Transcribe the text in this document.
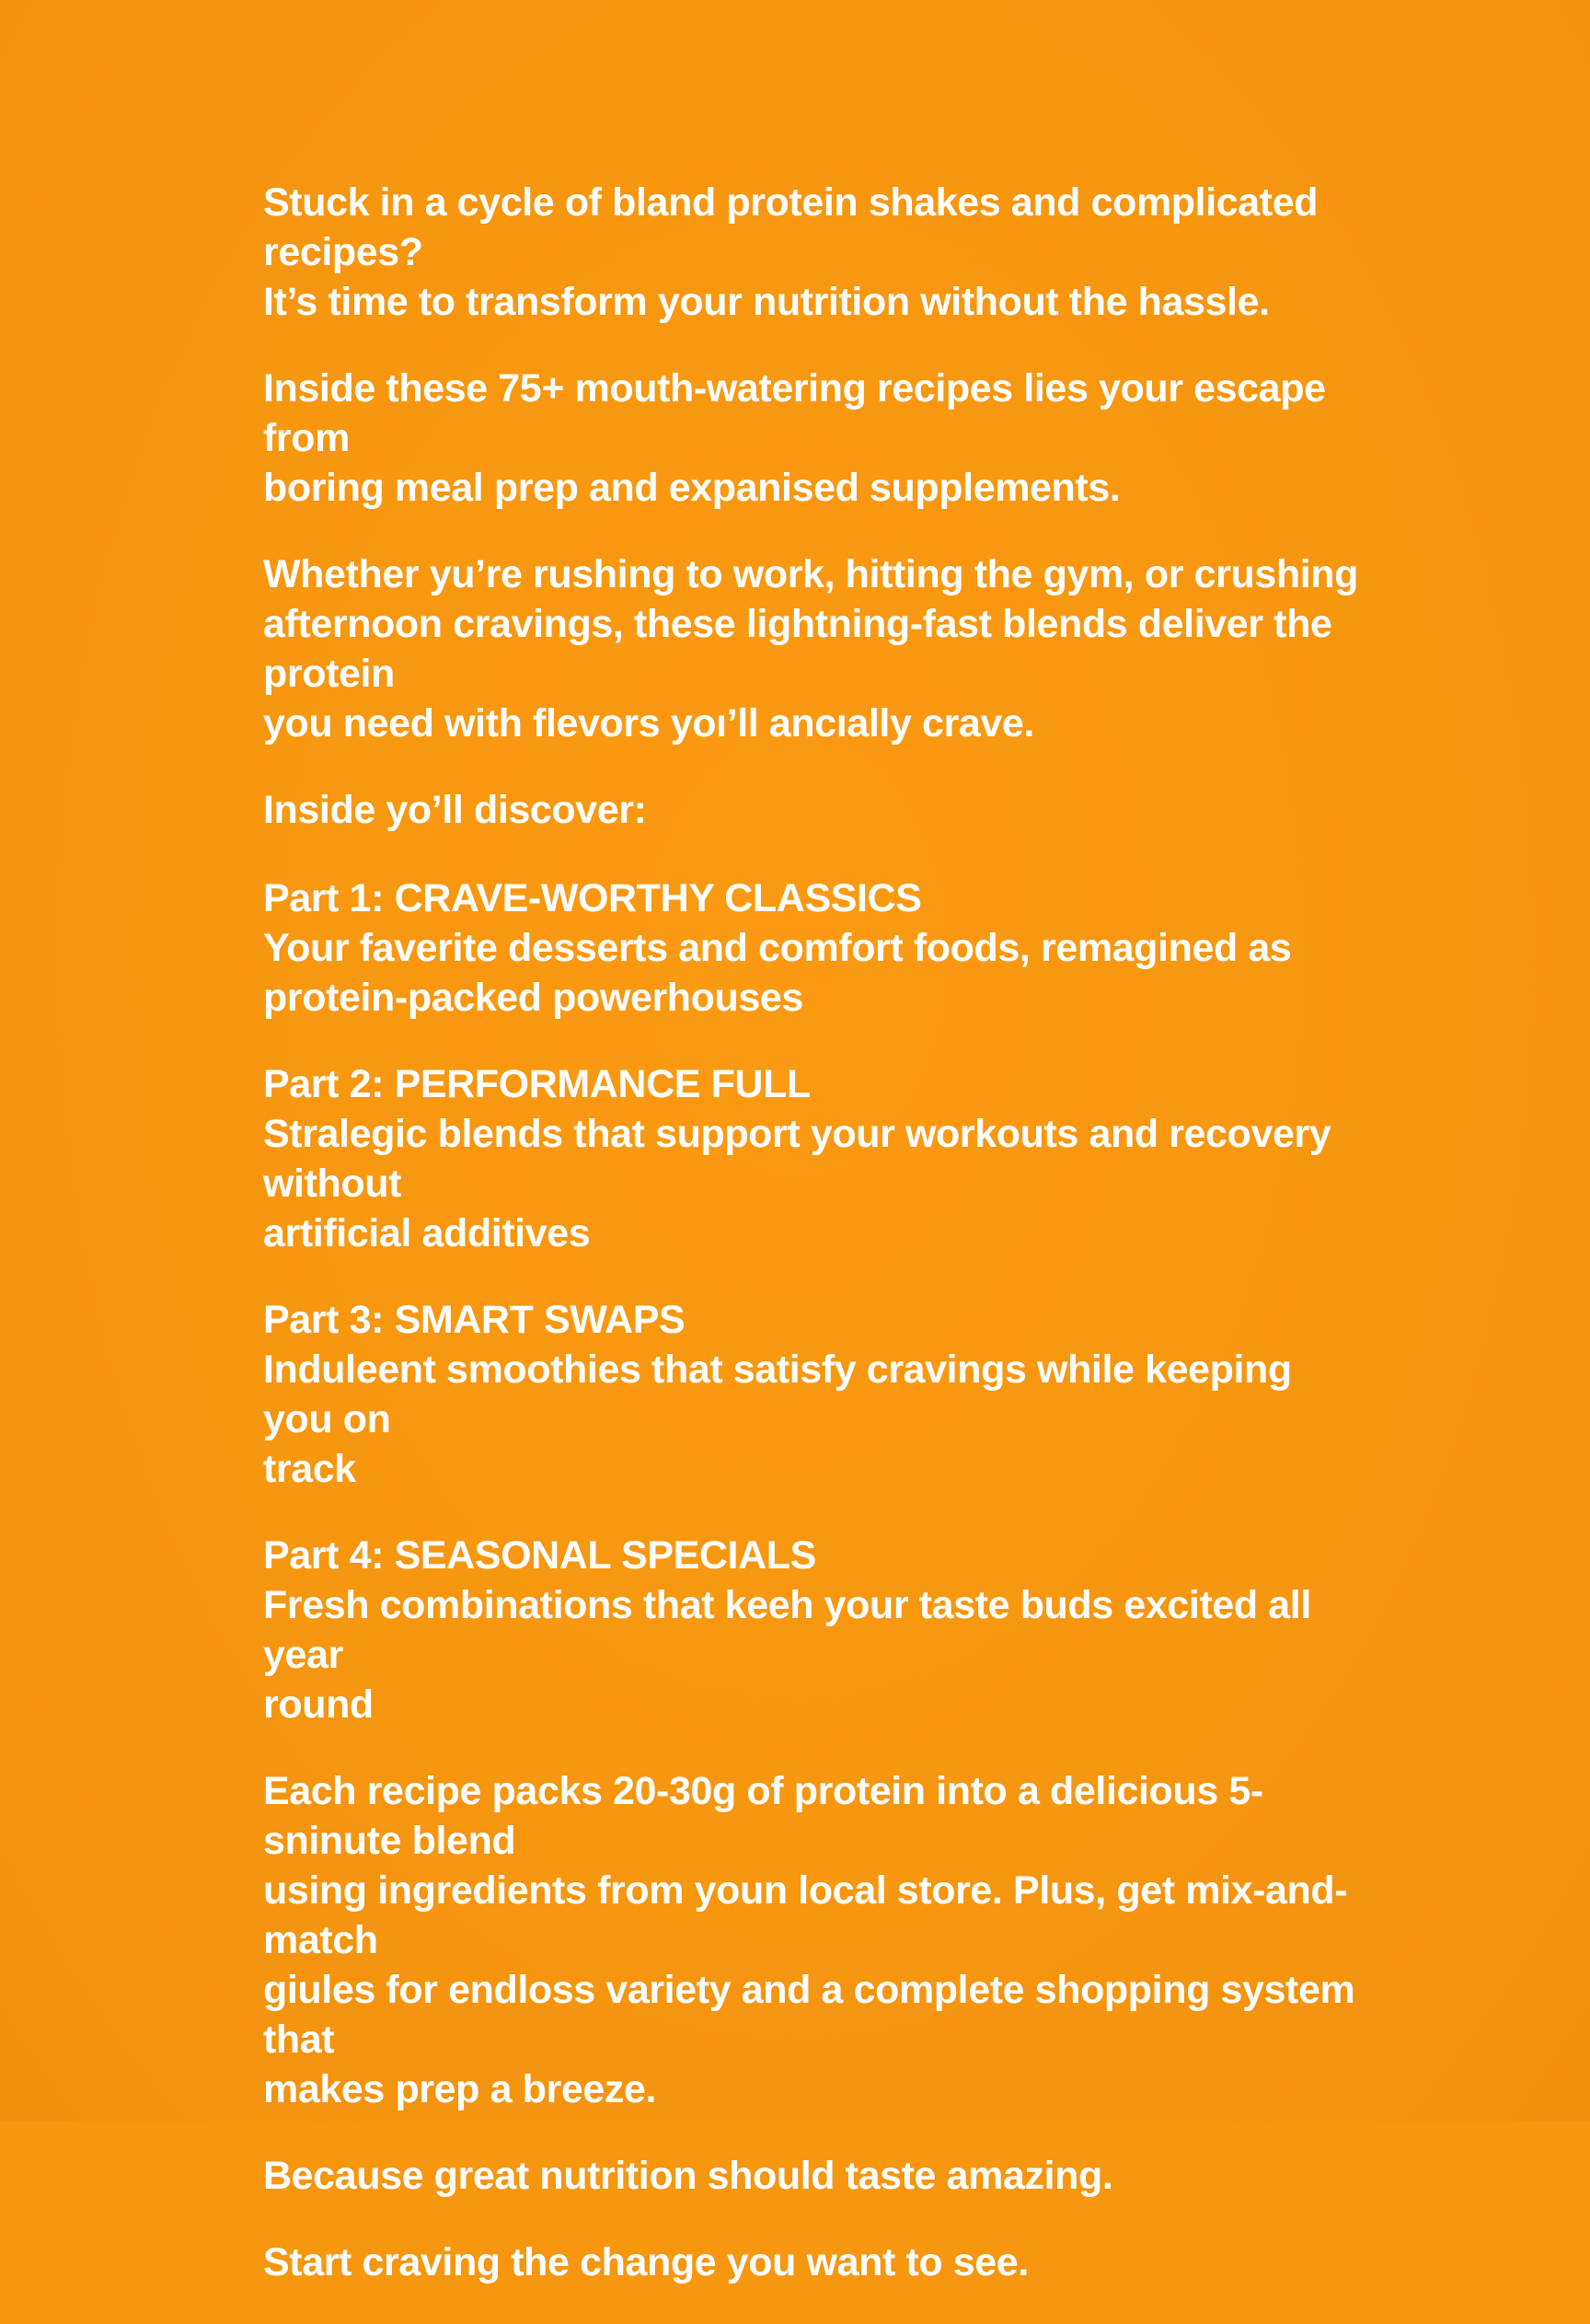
Stuck in a cycle of bland protein shakes and complicated recipes?
It’s time to transform your nutrition without the hassle.

Inside these 75+ mouth-watering recipes lies your escape from
boring meal prep and expanised supplements.

Whether yu’re rushing to work, hitting the gym, or crushing
afternoon cravings, these lightning-fast blends deliver the protein
you need with flevors yoı’ll ancıally crave.

Inside yo’ll discover:

Part 1: CRAVE-WORTHY CLASSICS
Your faverite desserts and comfort foods, remagined as
protein-packed powerhouses
Part 2: PERFORMANCE FULL
Stralegic blends that support your workouts and recovery without
artificial additives
Part 3: SMART SWAPS
Induleent smoothies that satisfy cravings while keeping you on
track
Part 4: SEASONAL SPECIALS
Fresh combinations that keeh your taste buds excited all year
round

Each recipe packs 20-30g of protein into a delicious 5-sninute blend
using ingredients from youn local store. Plus, get mix-and-match
giules for endloss variety and a complete shopping system that
makes prep a breeze.

Because great nutrition should taste amazing.

Start craving the change you want to see.
